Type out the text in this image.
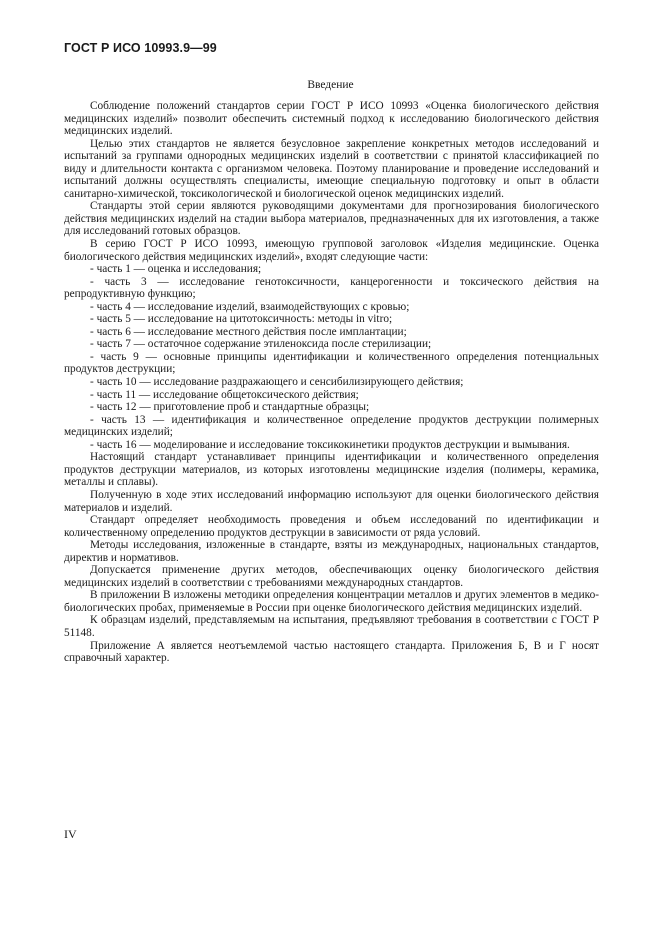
ГОСТ Р ИСО 10993.9—99
Введение

Соблюдение положений стандартов серии ГОСТ Р ИСО 10993 «Оценка биологического действия медицинских изделий» позволит обеспечить системный подход к исследованию биологического действия медицинских изделий.

Целью этих стандартов не является безусловное закрепление конкретных методов исследований и испытаний за группами однородных медицинских изделий в соответствии с принятой классификацией по виду и длительности контакта с организмом человека. Поэтому планирование и проведение исследований и испытаний должны осуществлять специалисты, имеющие специальную подготовку и опыт в области санитарно-химической, токсикологической и биологической оценок медицинских изделий.

Стандарты этой серии являются руководящими документами для прогнозирования биологического действия медицинских изделий на стадии выбора материалов, предназначенных для их изготовления, а также для исследований готовых образцов.

В серию ГОСТ Р ИСО 10993, имеющую групповой заголовок «Изделия медицинские. Оценка биологического действия медицинских изделий», входят следующие части:

- часть 1 — оценка и исследования;

- часть 3 — исследование генотоксичности, канцерогенности и токсического действия на репродуктивную функцию;

- часть 4 — исследование изделий, взаимодействующих с кровью;

- часть 5 — исследование на цитотоксичность: методы in vitro;

- часть 6 — исследование местного действия после имплантации;

- часть 7 — остаточное содержание этиленоксида после стерилизации;

- часть 9 — основные принципы идентификации и количественного определения потенциальных продуктов деструкции;

- часть 10 — исследование раздражающего и сенсибилизирующего действия;

- часть 11 — исследование общетоксического действия;

- часть 12 — приготовление проб и стандартные образцы;

- часть 13 — идентификация и количественное определение продуктов деструкции полимерных медицинских изделий;

- часть 16 — моделирование и исследование токсикокинетики продуктов деструкции и вымывания.

Настоящий стандарт устанавливает принципы идентификации и количественного определения продуктов деструкции материалов, из которых изготовлены медицинские изделия (полимеры, керамика, металлы и сплавы).

Полученную в ходе этих исследований информацию используют для оценки биологического действия материалов и изделий.

Стандарт определяет необходимость проведения и объем исследований по идентификации и количественному определению продуктов деструкции в зависимости от ряда условий.

Методы исследования, изложенные в стандарте, взяты из международных, национальных стандартов, директив и нормативов.

Допускается применение других методов, обеспечивающих оценку биологического действия медицинских изделий в соответствии с требованиями международных стандартов.

В приложении В изложены методики определения концентрации металлов и других элементов в медико-биологических пробах, применяемые в России при оценке биологического действия медицинских изделий.

К образцам изделий, представляемым на испытания, предъявляют требования в соответствии с ГОСТ Р 51148.

Приложение А является неотъемлемой частью настоящего стандарта. Приложения Б, В и Г носят справочный характер.

IV
